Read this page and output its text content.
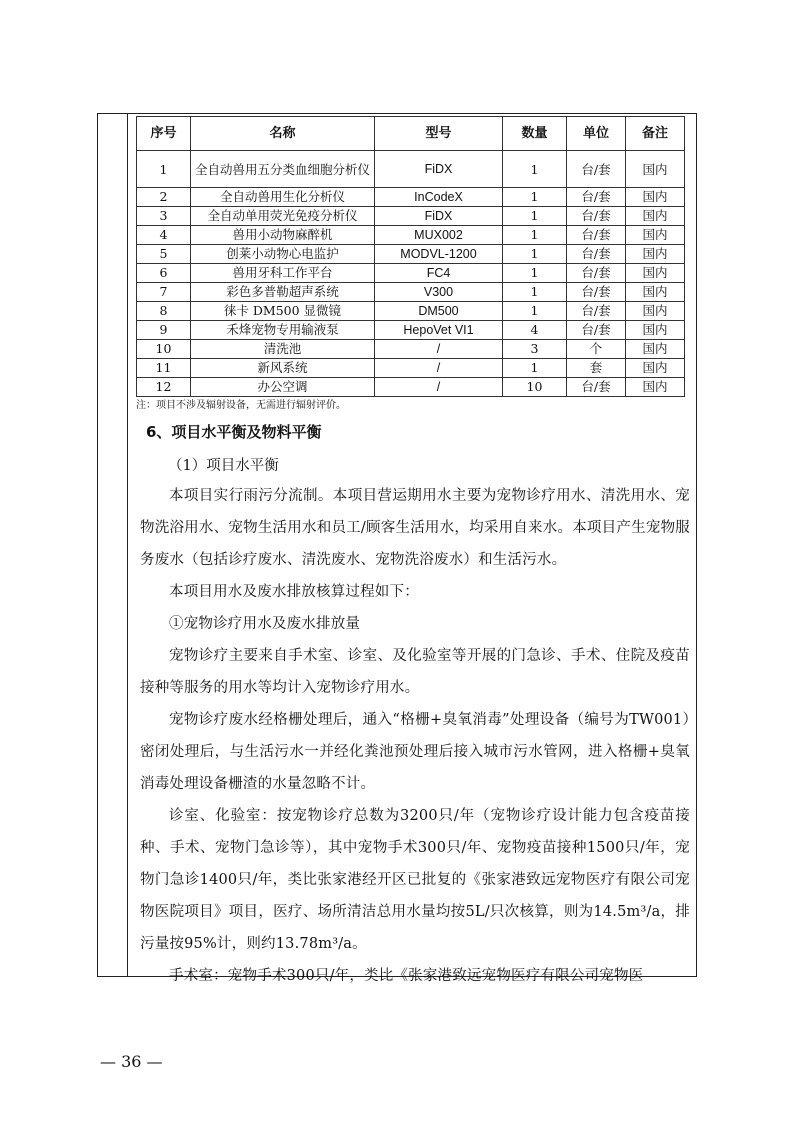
序号	名称	型号	数量	单位	备注
1	全自动兽用五分类血细胞分析仪	FiDX	1	台/套	国内
2	全自动兽用生化分析仪	InCodeX	1	台/套	国内
3	全自动单用荧光免疫分析仪	FiDX	1	台/套	国内
4	兽用小动物麻醉机	MUX002	1	台/套	国内
5	创莱小动物心电监护	MODVL-1200	1	台/套	国内
6	兽用牙科工作平台	FC4	1	台/套	国内
7	彩色多普勒超声系统	V300	1	台/套	国内
8	徕卡 DM500 显微镜	DM500	1	台/套	国内
9	禾烽宠物专用输液泵	HepoVet VI1	4	台/套	国内
10	清洗池	/	3	个	国内
11	新风系统	/	1	套	国内
12	办公空调	/	10	台/套	国内
注：项目不涉及辐射设备，无需进行辐射评价。
6、项目水平衡及物料平衡
（1）项目水平衡

本项目实行雨污分流制。本项目营运期用水主要为宠物诊疗用水、清洗用水、宠物洗浴用水、宠物生活用水和员工/顾客生活用水，均采用自来水。本项目产生宠物服务废水（包括诊疗废水、清洗废水、宠物洗浴废水）和生活污水。

本项目用水及废水排放核算过程如下：

①宠物诊疗用水及废水排放量

宠物诊疗主要来自手术室、诊室、及化验室等开展的门急诊、手术、住院及疫苗接种等服务的用水等均计入宠物诊疗用水。

宠物诊疗废水经格栅处理后，通入“格栅+臭氧消毒”处理设备（编号为TW001）密闭处理后，与生活污水一并经化粪池预处理后接入城市污水管网，进入格栅+臭氧消毒处理设备栅渣的水量忽略不计。

诊室、化验室：按宠物诊疗总数为3200只/年（宠物诊疗设计能力包含疫苗接种、手术、宠物门急诊等），其中宠物手术300只/年、宠物疫苗接种1500只/年，宠物门急诊1400只/年，类比张家港经开区已批复的《张家港致远宠物医疗有限公司宠物医院项目》项目，医疗、场所清洁总用水量均按5L/只次核算，则为14.5m³/a，排污量按95%计，则约13.78m³/a。

手术室：宠物手术300只/年，类比《张家港致远宠物医疗有限公司宠物医

— 36 —
